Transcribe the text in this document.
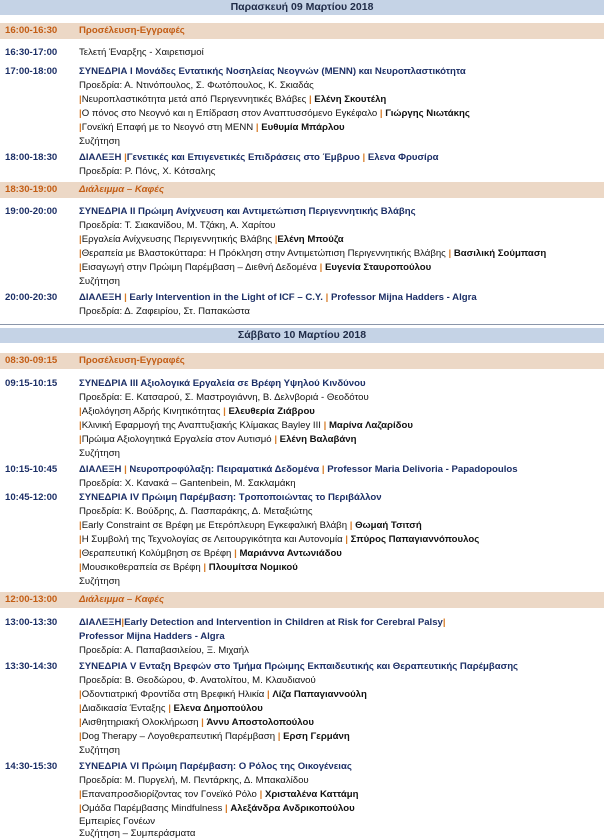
Παρασκευή 09 Μαρτίου 2018
16:00-16:30 Προσέλευση-Εγγραφές
16:30-17:00 Τελετή Έναρξης - Χαιρετισμοί
17:00-18:00 ΣΥΝΕΔΡΙΑ Ι Μονάδες Εντατικής Νοσηλείας Νεογνών (ΜΕΝΝ) και Νευροπλαστικότητα
Προεδρία: Α. Ντινόπουλος, Σ. Φωτόπουλος, Κ. Σκιαδάς
|Νευροπλαστικότητα μετά από Περιγεννητικές Βλάβες | Ελένη Σκουτέλη
|Ο πόνος στο Νεογνό και η Επίδραση στον Αναπτυσσόμενο Εγκέφαλο | Γιώργης Νιωτάκης
|Γονεϊκή Επαφή με το Νεογνό στη ΜΕΝΝ | Ευθυμία Μπάρλου
Συζήτηση
18:00-18:30 ΔΙΑΛΕΞΗ |Γενετικές και Επιγενετικές Επιδράσεις στο Έμβρυο | Ελενα Φρυσίρα
Προεδρία: Ρ. Πόνς, Χ. Κότσαλης
18:30-19:00 Διάλειμμα – Καφές
19:00-20:00 ΣΥΝΕΔΡΙΑ ΙΙ Πρώιμη Ανίχνευση και Αντιμετώπιση Περιγεννητικής Βλάβης
Προεδρία: Τ. Σιακανίδου, Μ. Τζάκη, Α. Χαρίτου
|Εργαλεία Ανίχνευσης Περιγεννητικής Βλάβης |Ελένη Μπούζα
|Θεραπεία με Βλαστοκύτταρα: Η Πρόκληση στην Αντιμετώπιση Περιγεννητικής Βλάβης | Βασιλική Σούμπαση
|Εισαγωγή στην Πρώιμη Παρέμβαση – Διεθνή Δεδομένα | Ευγενία Σταυροπούλου
Συζήτηση
20:00-20:30 ΔΙΑΛΕΞΗ | Early Intervention in the Light of ICF – C.Y. | Professor Mijna Hadders - Algra
Προεδρία: Δ. Ζαφειρίου, Στ. Παπακώστα
Σάββατο 10 Μαρτίου 2018
08:30-09:15 Προσέλευση-Εγγραφές
09:15-10:15 ΣΥΝΕΔΡΙΑ ΙΙΙ Αξιολογικά Εργαλεία σε Βρέφη Υψηλού Κινδύνου
Προεδρία: Ε. Κατσαρού, Σ. Μαστρογιάννη, Β. Δελνβοριά - Θεοδότου
|Αξιολόγηση Αδρής Κινητικότητας | Ελευθερία Ζιάβρου
|Κλινική Εφαρμογή της Αναπτυξιακής Κλίμακας Bayley III | Μαρίνα Λαζαρίδου
|Πρώιμα Αξιολογητικά Εργαλεία στον Αυτισμό | Ελένη Βαλαβάνη
Συζήτηση
10:15-10:45 ΔΙΑΛΕΞΗ | Νευροπροφύλαξη: Πειραματικά Δεδομένα | Professor Maria Delivoria - Papadopoulos
Προεδρία: Χ. Κανακά – Gantenbein, Μ. Σακλαμάκη
10:45-12:00 ΣΥΝΕΔΡΙΑ ΙV Πρώιμη Παρέμβαση: Τροποποιώντας το Περιβάλλον
Προεδρία: Κ. Βούδρης, Δ. Πασπαράκης, Δ. Μεταξιώτης
|Early Constraint σε Βρέφη με Ετερόπλευρη Εγκεφαλική Βλάβη | Θωμαή Τσιτσή
|Η Συμβολή της Τεχνολογίας σε Λειτουργικότητα και Αυτονομία | Σπύρος Παπαγιαννόπουλος
|Θεραπευτική Κολύμβηση σε Βρέφη | Μαριάννα Αντωνιάδου
|Μουσικοθεραπεία σε Βρέφη | Πλουμίτσα Νομικού
Συζήτηση
12:00-13:00 Διάλειμμα – Καφές
13:00-13:30 ΔΙΑΛΕΞΗ|Early Detection and Intervention in Children at Risk for Cerebral Palsy|
Professor Mijna Hadders - Algra
Προεδρία: Α. Παπαβασιλείου, Ξ. Μιχαήλ
13:30-14:30 ΣΥΝΕΔΡΙΑ V Ενταξη Βρεφών στο Τμήμα Πρώιμης Εκπαιδευτικής και Θεραπευτικής Παρέμβασης
Προεδρία: Β. Θεοδώρου, Φ. Ανατολίτου, Μ. Κλαυδιανού
|Οδοντιατρική Φροντίδα στη Βρεφική Ηλικία | Λίζα Παπαγιαννούλη
|Διαδικασία Ένταξης | Ελενα Δημοπούλου
|Αισθητηριακή Ολοκλήρωση | Άννυ Αποστολοπούλου
|Dog Therapy – Λογοθεραπευτική Παρέμβαση | Ερση Γερμάνη
Συζήτηση
14:30-15:30 ΣΥΝΕΔΡΙΑ VΙ Πρώιμη Παρέμβαση: Ο Ρόλος της Οικογένειας
Προεδρία: Μ. Πυργελή, Μ. Πεντάρκης, Δ. Μπακαλίδου
|Επαναπροσδιορίζοντας τον Γονεϊκό Ρόλο | Χρισταλένα Καττάμη
|Ομάδα Παρέμβασης Mindfulness | Αλεξάνδρα Ανδρικοπούλου
Εμπειρίες Γονέων
Συζήτηση – Συμπεράσματα
